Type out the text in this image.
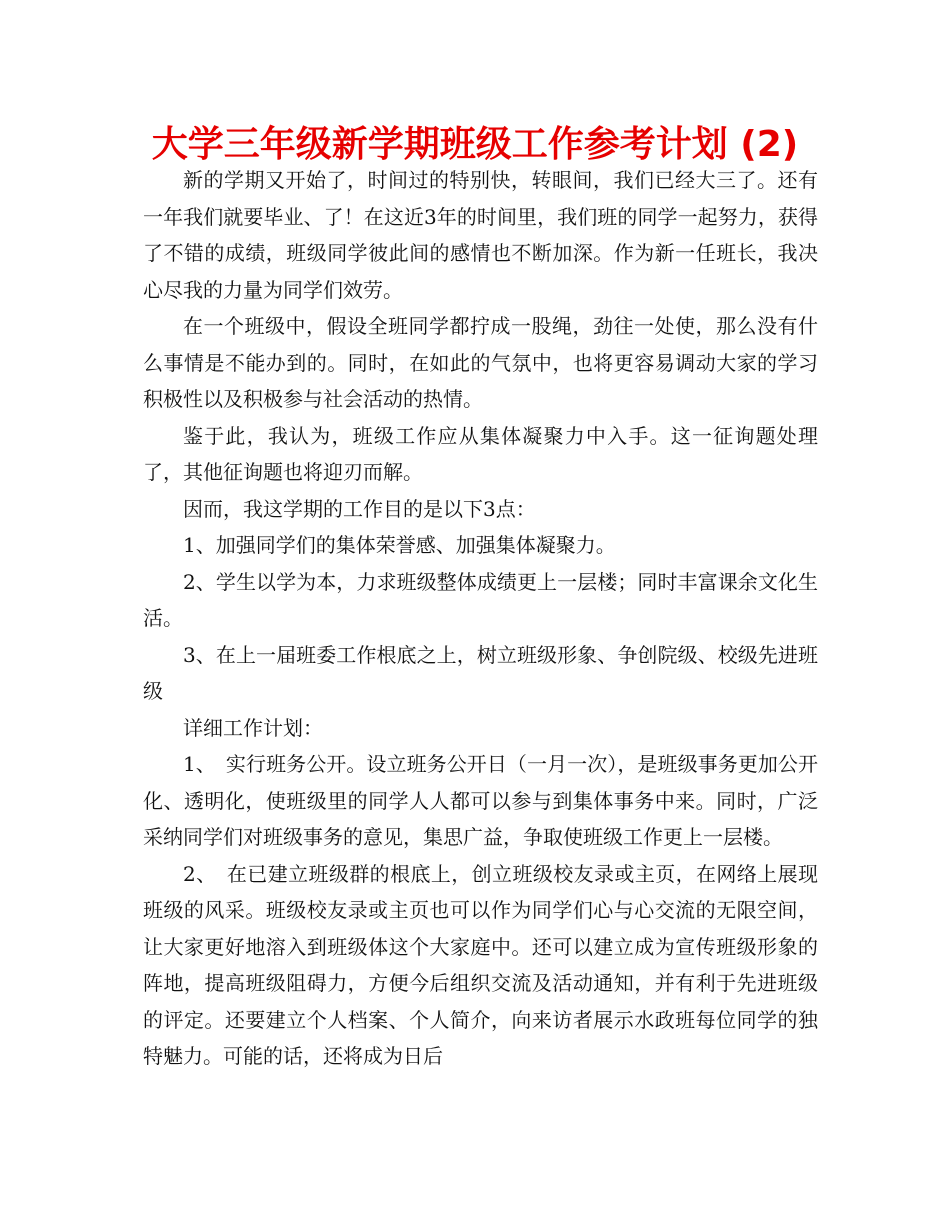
大学三年级新学期班级工作参考计划 (2)

新的学期又开始了，时间过的特别快，转眼间，我们已经大三了。还有一年我们就要毕业、了！在这近3年的时间里，我们班的同学一起努力，获得了不错的成绩，班级同学彼此间的感情也不断加深。作为新一任班长，我决心尽我的力量为同学们效劳。

在一个班级中，假设全班同学都拧成一股绳，劲往一处使，那么没有什么事情是不能办到的。同时，在如此的气氛中，也将更容易调动大家的学习积极性以及积极参与社会活动的热情。

鉴于此，我认为，班级工作应从集体凝聚力中入手。这一征询题处理了，其他征询题也将迎刃而解。

因而，我这学期的工作目的是以下3点：

1、加强同学们的集体荣誉感、加强集体凝聚力。

2、学生以学为本，力求班级整体成绩更上一层楼；同时丰富课余文化生活。

3、在上一届班委工作根底之上，树立班级形象、争创院级、校级先进班级

详细工作计划：

1、　实行班务公开。设立班务公开日（一月一次），是班级事务更加公开化、透明化，使班级里的同学人人都可以参与到集体事务中来。同时，广泛采纳同学们对班级事务的意见，集思广益，争取使班级工作更上一层楼。

2、　在已建立班级群的根底上，创立班级校友录或主页，在网络上展现班级的风采。班级校友录或主页也可以作为同学们心与心交流的无限空间，让大家更好地溶入到班级体这个大家庭中。还可以建立成为宣传班级形象的阵地，提高班级阻碍力，方便今后组织交流及活动通知，并有利于先进班级的评定。还要建立个人档案、个人简介，向来访者展示水政班每位同学的独特魅力。可能的话，还将成为日后
